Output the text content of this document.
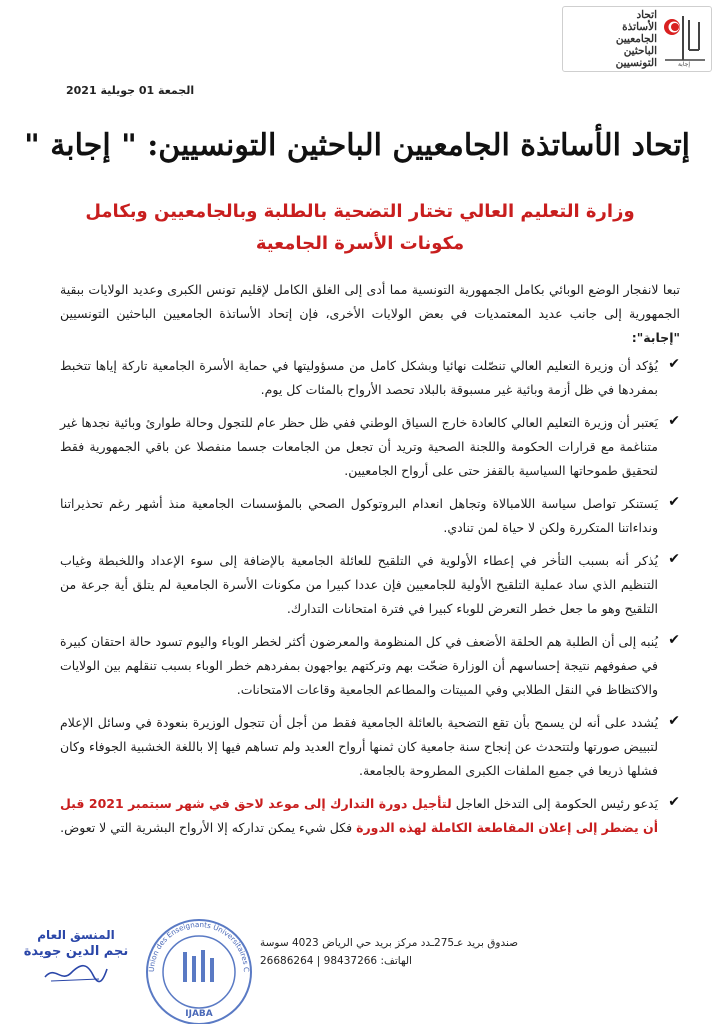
إجابة
اتحاد
الأساتذة
الجامعيين
الباحثين
التونسيين
الجمعة 01 جويلية 2021
إتحاد الأساتذة الجامعيين الباحثين التونسيين: " إجابة "
وزارة التعليم العالي تختار التضحية بالطلبة وبالجامعيين وبكامل مكونات الأسرة الجامعية

تبعا لانفجار الوضع الوبائي بكامل الجمهورية التونسية مما أدى إلى الغلق الكامل لإقليم تونس الكبرى وعديد الولايات ببقية الجمهورية إلى جانب عديد المعتمديات في بعض الولايات الأخرى، فإن إتحاد الأساتذة الجامعيين الباحثين التونسيين "إجابة":

✔
يُؤكد أن وزيرة التعليم العالي تنصّلت نهائيا وبشكل كامل من مسؤوليتها في حماية الأسرة الجامعية تاركة إياها تتخبط بمفردها في ظل أزمة وبائية غير مسبوقة بالبلاد تحصد الأرواح بالمئات كل يوم.
✔
يَعتبر أن وزيرة التعليم العالي كالعادة خارج السياق الوطني ففي ظل حظر عام للتجول وحالة طوارئ وبائية نجدها غير متناغمة مع قرارات الحكومة واللجنة الصحية وتريد أن تجعل من الجامعات جسما منفصلا عن باقي الجمهورية فقط لتحقيق طموحاتها السياسية بالقفز حتى على أرواح الجامعيين.
✔
يَستنكر تواصل سياسة اللامبالاة وتجاهل انعدام البروتوكول الصحي بالمؤسسات الجامعية منذ أشهر رغم تحذيراتنا ونداءاتنا المتكررة ولكن لا حياة لمن تنادي.
✔
يُذكر أنه بسبب التأخر في إعطاء الأولوية في التلقيح للعائلة الجامعية بالإضافة إلى سوء الإعداد واللخبطة وغياب التنظيم الذي ساد عملية التلقيح الأولية للجامعيين فإن عددا كبيرا من مكونات الأسرة الجامعية لم يتلق أية جرعة من التلقيح وهو ما جعل خطر التعرض للوباء كبيرا في فترة امتحانات التدارك.
✔
يُنبه إلى أن الطلبة هم الحلقة الأضعف في كل المنظومة والمعرضون أكثر لخطر الوباء واليوم تسود حالة احتقان كبيرة في صفوفهم نتيجة إحساسهم أن الوزارة ضحّت بهم وتركتهم يواجهون بمفردهم خطر الوباء بسبب تنقلهم بين الولايات والاكتظاظ في النقل الطلابي وفي المبيتات والمطاعم الجامعية وقاعات الامتحانات.
✔
يُشدد على أنه لن يسمح بأن تقع التضحية بالعائلة الجامعية فقط من أجل أن تتجول الوزيرة بنعودة في وسائل الإعلام لتبييض صورتها ولتتحدث عن إنجاح سنة جامعية كان ثمنها أرواح العديد ولم تساهم فيها إلا باللغة الخشبية الجوفاء وكان فشلها ذريعا في جميع الملفات الكبرى المطروحة بالجامعة.
✔
يَدعو رئيس الحكومة إلى التدخل العاجل لتأجيل دورة التدارك إلى موعد لاحق في شهر سبتمبر 2021 قبل أن يضطر إلى إعلان المقاطعة الكاملة لهذه الدورة فكل شيء يمكن تداركه إلا الأرواح البشرية التي لا تعوض.
المنسق العام
نجم الدين جويدة
Union des Enseignants Universitaires C
IJABA
صندوق بريد عـ275ـدد مركز بريد حي الرياض 4023 سوسة
الهاتف: 98437266 | 26686264
